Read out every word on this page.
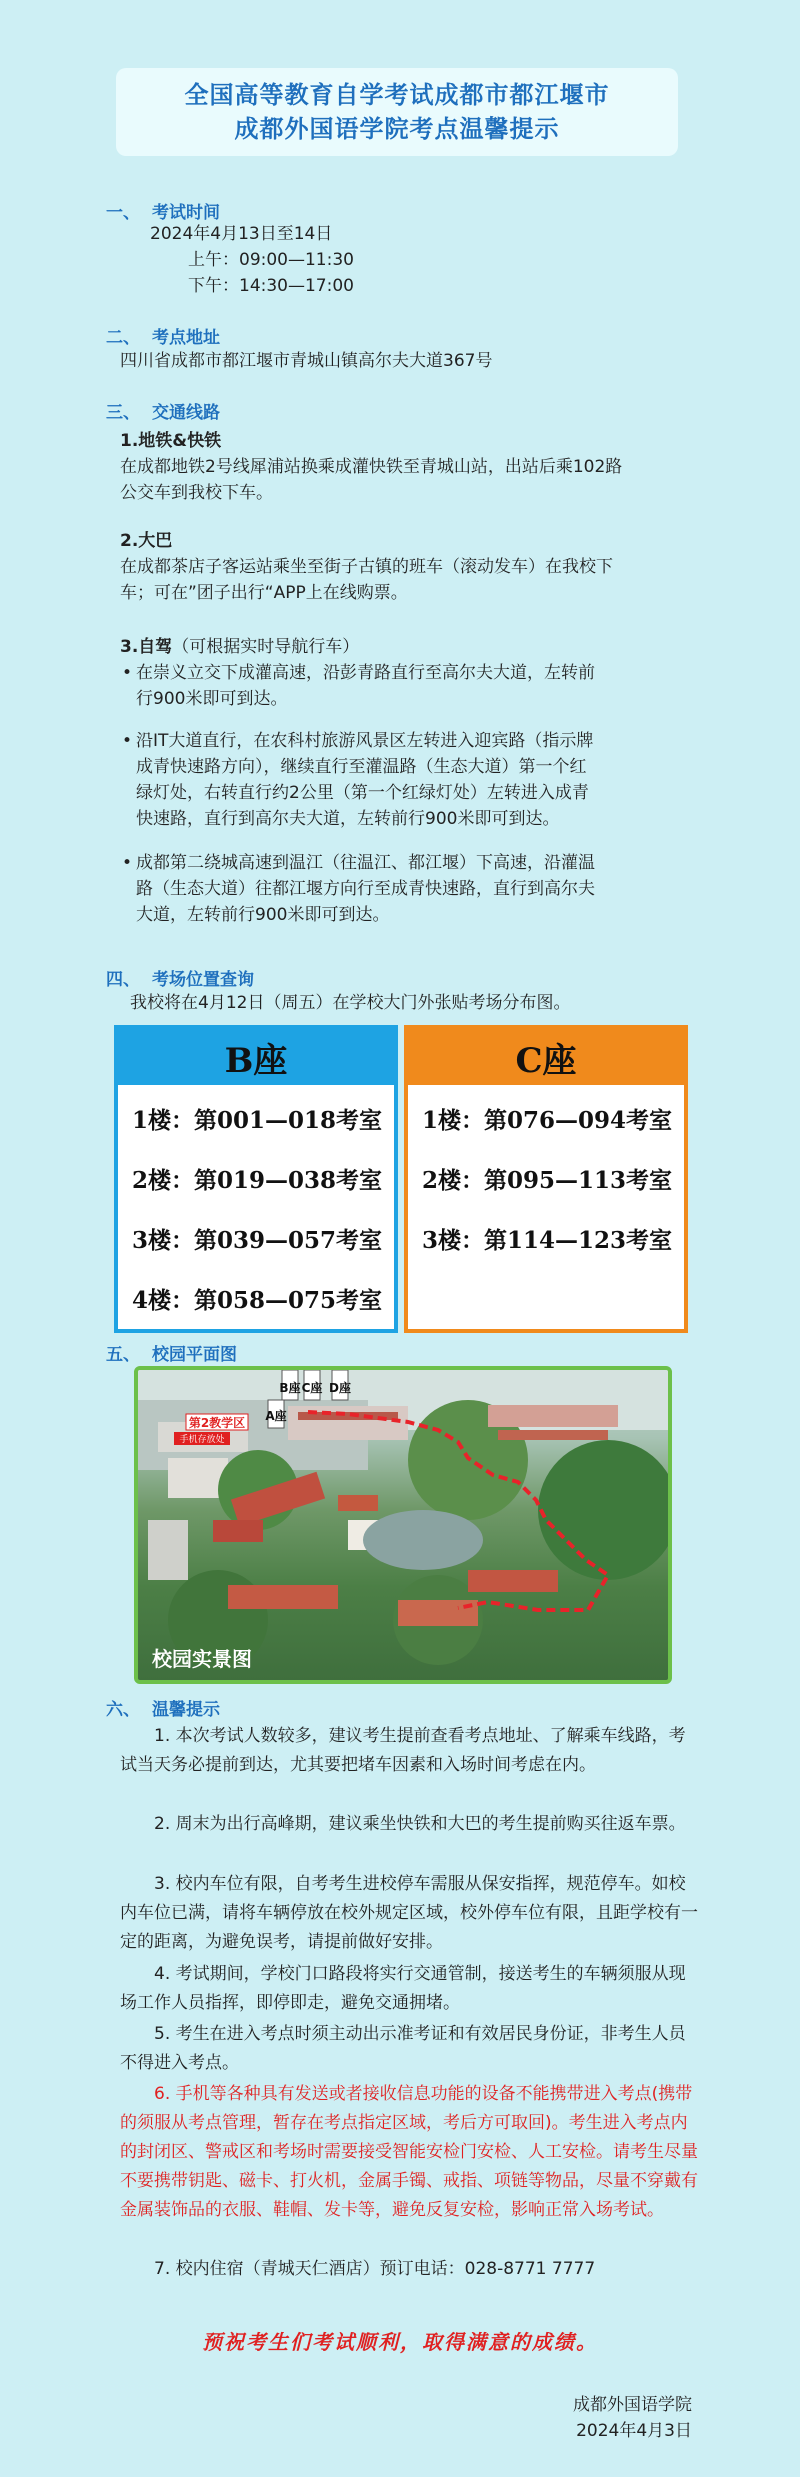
全国高等教育自学考试成都市都江堰市
成都外国语学院考点温馨提示
一、 考试时间
2024年4月13日至14日
上午：09:00—11:30
下午：14:30—17:00
二、 考点地址
四川省成都市都江堰市青城山镇高尔夫大道367号
三、 交通线路
1.地铁&快铁
在成都地铁2号线犀浦站换乘成灌快铁至青城山站，出站后乘102路
公交车到我校下车。
2.大巴
在成都茶店子客运站乘坐至街子古镇的班车（滚动发车）在我校下
车；可在”团子出行“APP上在线购票。
3.自驾（可根据实时导航行车）
• 在崇义立交下成灌高速，沿彭青路直行至高尔夫大道，左转前
行900米即可到达。
• 沿IT大道直行，在农科村旅游风景区左转进入迎宾路（指示牌
成青快速路方向），继续直行至灌温路（生态大道）第一个红
绿灯处，右转直行约2公里（第一个红绿灯处）左转进入成青
快速路，直行到高尔夫大道，左转前行900米即可到达。
• 成都第二绕城高速到温江（往温江、都江堰）下高速，沿灌温
路（生态大道）往都江堰方向行至成青快速路，直行到高尔夫
大道，左转前行900米即可到达。
四、 考场位置查询
我校将在4月12日（周五）在学校大门外张贴考场分布图。
B座
1楼：第001—018考室
2楼：第019—038考室
3楼：第039—057考室
4楼：第058—075考室
C座
1楼：第076—094考室
2楼：第095—113考室
3楼：第114—123考室
五、 校园平面图
第2教学区
手机存放处
B座 C座 D座
A座
校园实景图
六、 温馨提示
1. 本次考试人数较多，建议考生提前查看考点地址、了解乘车线路，考试当天务必提前到达，尤其要把堵车因素和入场时间考虑在内。
2. 周末为出行高峰期，建议乘坐快铁和大巴的考生提前购买往返车票。
3. 校内车位有限，自考考生进校停车需服从保安指挥，规范停车。如校内车位已满，请将车辆停放在校外规定区域，校外停车位有限，且距学校有一定的距离，为避免误考，请提前做好安排。
4. 考试期间，学校门口路段将实行交通管制，接送考生的车辆须服从现场工作人员指挥，即停即走，避免交通拥堵。
5. 考生在进入考点时须主动出示准考证和有效居民身份证，非考生人员不得进入考点。
6. 手机等各种具有发送或者接收信息功能的设备不能携带进入考点(携带的须服从考点管理，暂存在考点指定区域，考后方可取回)。考生进入考点内的封闭区、警戒区和考场时需要接受智能安检门安检、人工安检。请考生尽量不要携带钥匙、磁卡、打火机，金属手镯、戒指、项链等物品，尽量不穿戴有金属装饰品的衣服、鞋帽、发卡等，避免反复安检，影响正常入场考试。
7. 校内住宿（青城天仁酒店）预订电话：028-8771 7777
预祝考生们考试顺利，取得满意的成绩。
成都外国语学院
2024年4月3日
